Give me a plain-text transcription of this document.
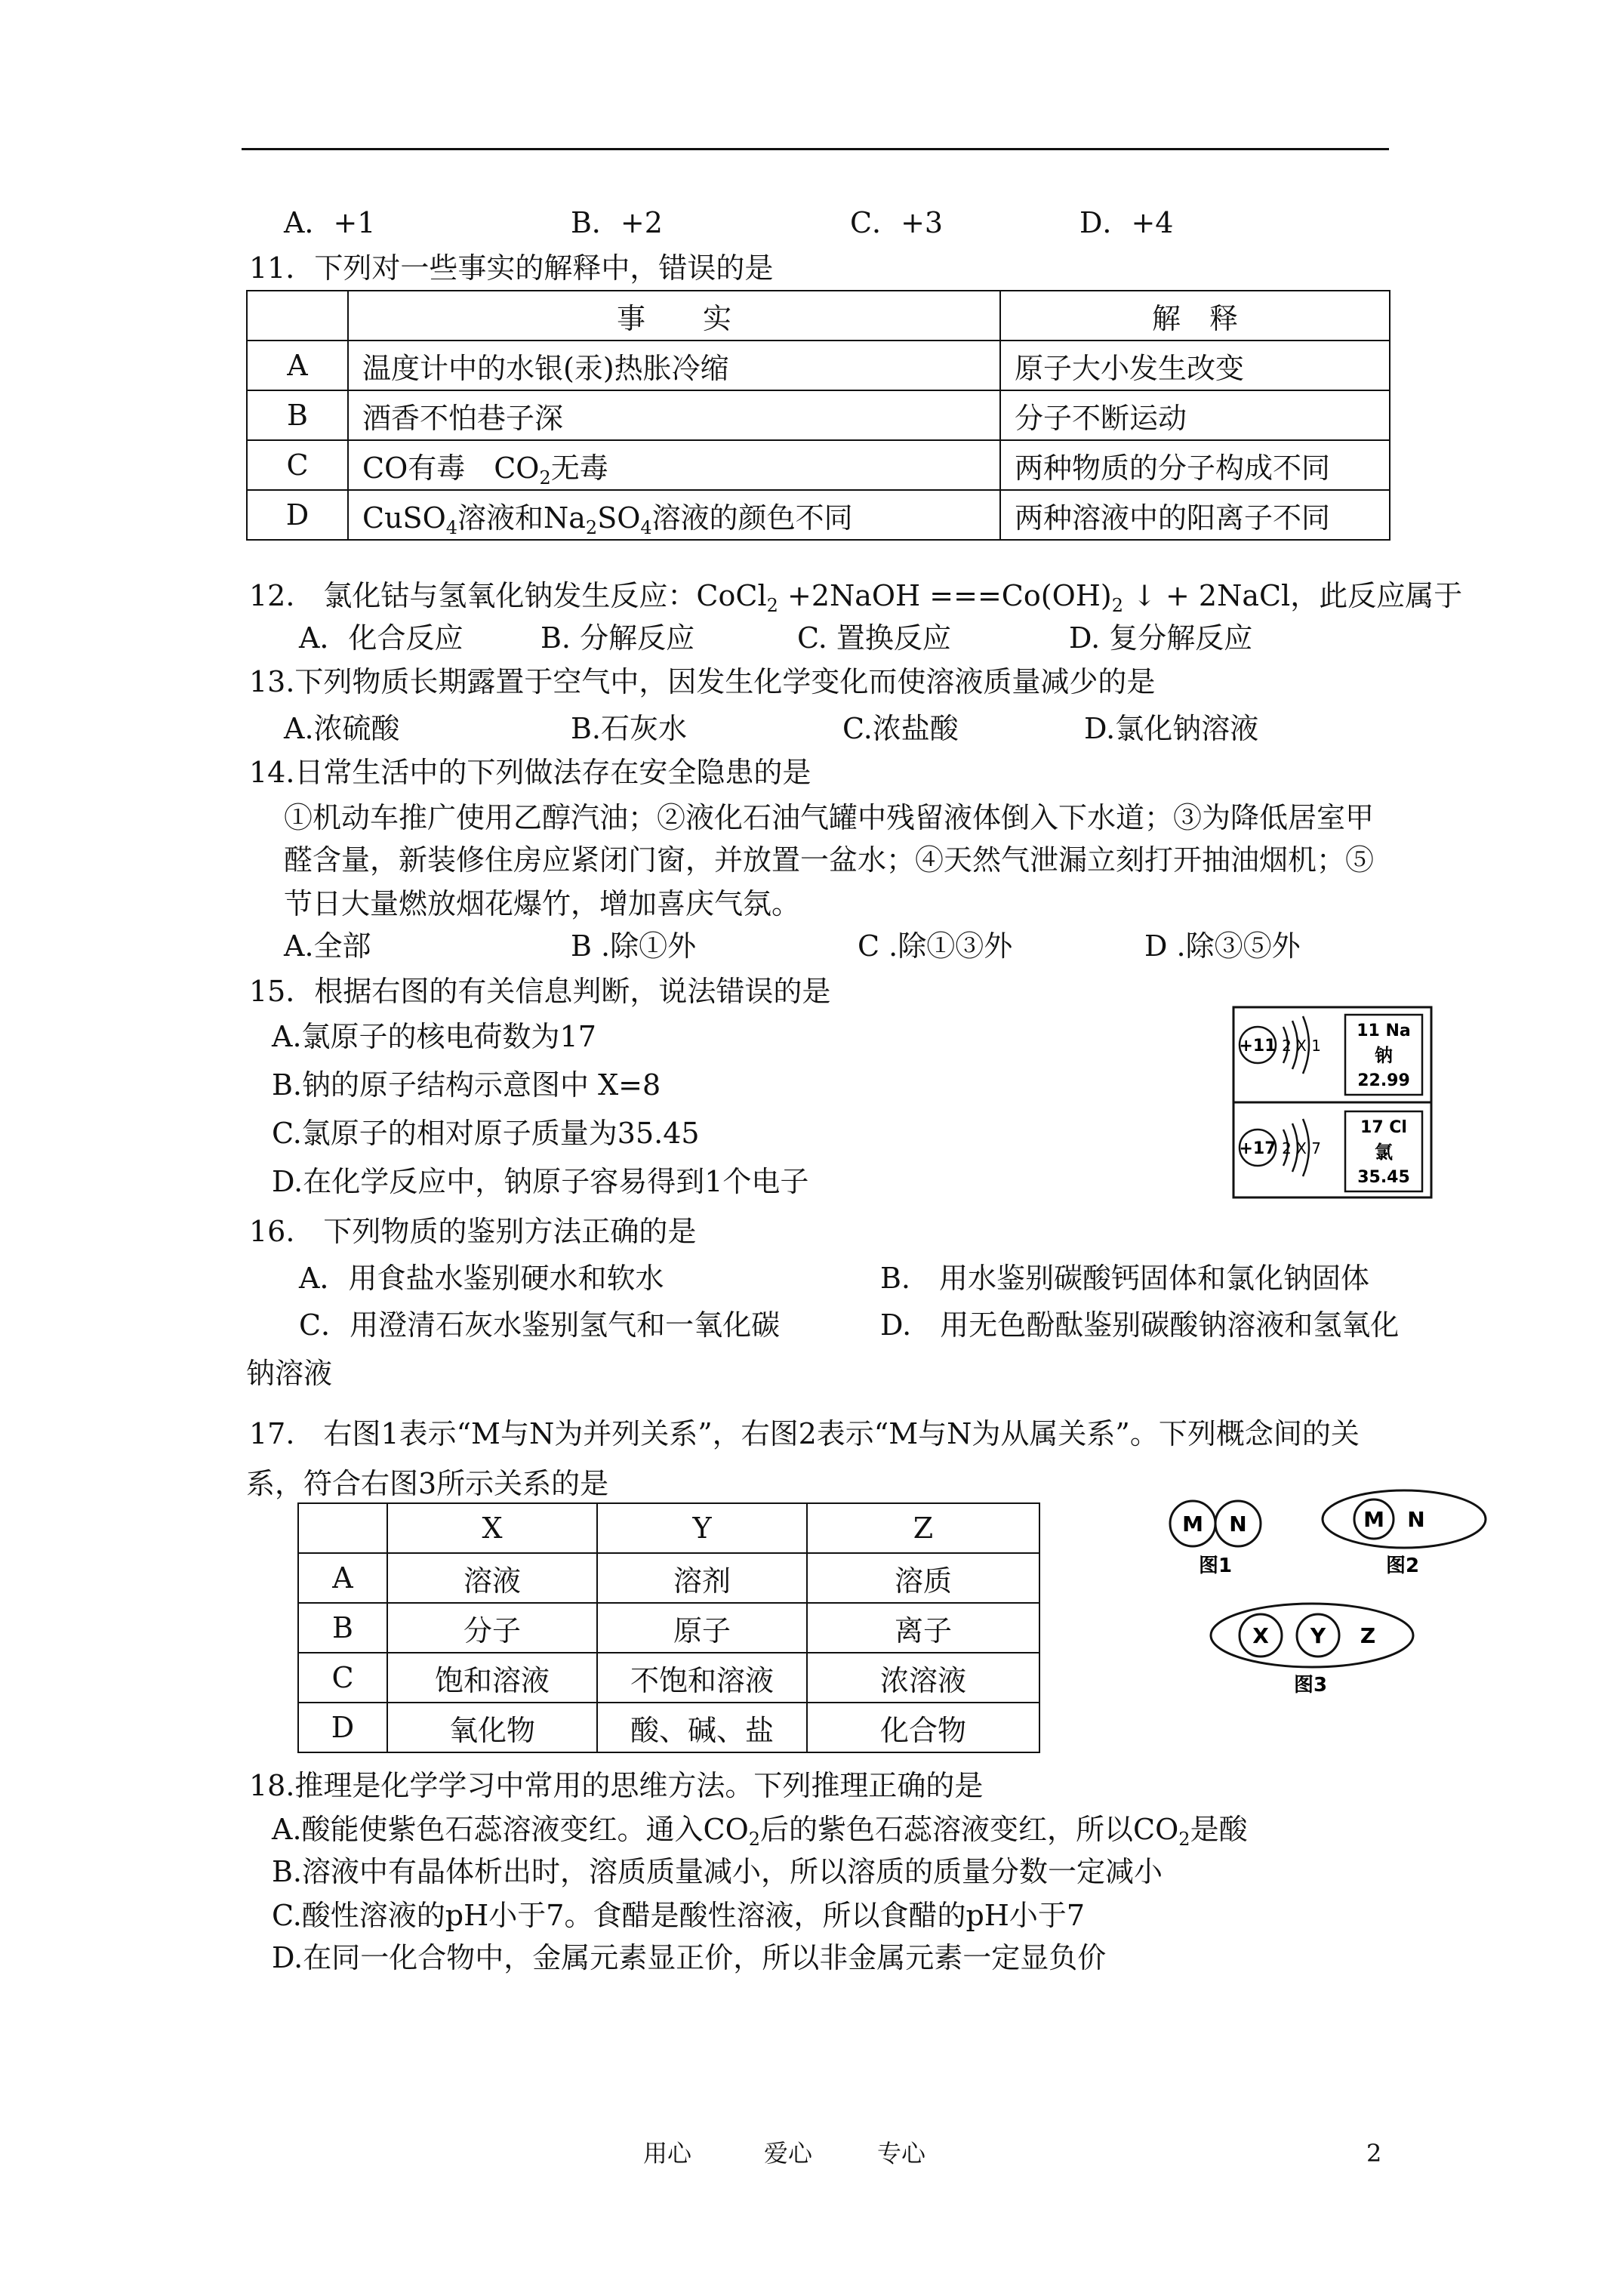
A．+1	B．+2	C．+3	D．+4
11．下列对一些事实的解释中，错误的是
	事　　实	解　释
A	温度计中的水银(汞)热胀冷缩	原子大小发生改变
B	酒香不怕巷子深	分子不断运动
C	CO有毒　$CO_2$无毒	两种物质的分子构成不同
D	CuSO$_4$溶液和$Na_2SO_4$溶液的颜色不同	两种溶液中的阳离子不同
12.　氯化钴与氢氧化钠发生反应：CoCl$_2$ +2NaOH $===Co(OH)_2$ ↓ + 2NaCl，此反应属于
A．化合反应	B. 分解反应	C. 置换反应	D. 复分解反应
13.下列物质长期露置于空气中，因发生化学变化而使溶液质量减少的是
A.浓硫酸	B.石灰水	C.浓盐酸	D.氯化钠溶液
14.日常生活中的下列做法存在安全隐患的是
①机动车推广使用乙醇汽油；②液化石油气罐中残留液体倒入下水道；③为降低居室甲
醛含量，新装修住房应紧闭门窗，并放置一盆水；④天然气泄漏立刻打开抽油烟机；⑤
节日大量燃放烟花爆竹，增加喜庆气氛。
A.全部	B .除①外	C .除①③外	D .除③⑤外
15．根据右图的有关信息判断，说法错误的是
A.氯原子的核电荷数为17
B.钠的原子结构示意图中 X=8
C.氯原子的相对原子质量为35.45
D.在化学反应中，钠原子容易得到1个电子
+11 2 X 1
11 Na
钠
22.99
+17 2 X 7
17 Cl
氯
35.45
16.　下列物质的鉴别方法正确的是
A．用食盐水鉴别硬水和软水	B.　用水鉴别碳酸钙固体和氯化钠固体
C．用澄清石灰水鉴别氢气和一氧化碳	D.　用无色酚酞鉴别碳酸钠溶液和氢氧化
钠溶液
17.　右图1表示“M与N为并列关系”，右图2表示“M与N为从属关系”。下列概念间的关
系，符合右图3所示关系的是
	X	Y	Z
A	溶液	溶剂	溶质
B	分子	原子	离子
C	饱和溶液	不饱和溶液	浓溶液
D	氧化物	酸、碱、盐	化合物
M N
图1
M N
图2
X Y Z
图3
18.推理是化学学习中常用的思维方法。下列推理正确的是
A.酸能使紫色石蕊溶液变红。通入$CO_2$后的紫色石蕊溶液变红，所以$CO_2$是酸
B.溶液中有晶体析出时，溶质质量减小，所以溶质的质量分数一定减小
C.酸性溶液的pH小于7。食醋是酸性溶液，所以食醋的pH小于7
D.在同一化合物中，金属元素显正价，所以非金属元素一定显负价
用心	爱心	专心	2
